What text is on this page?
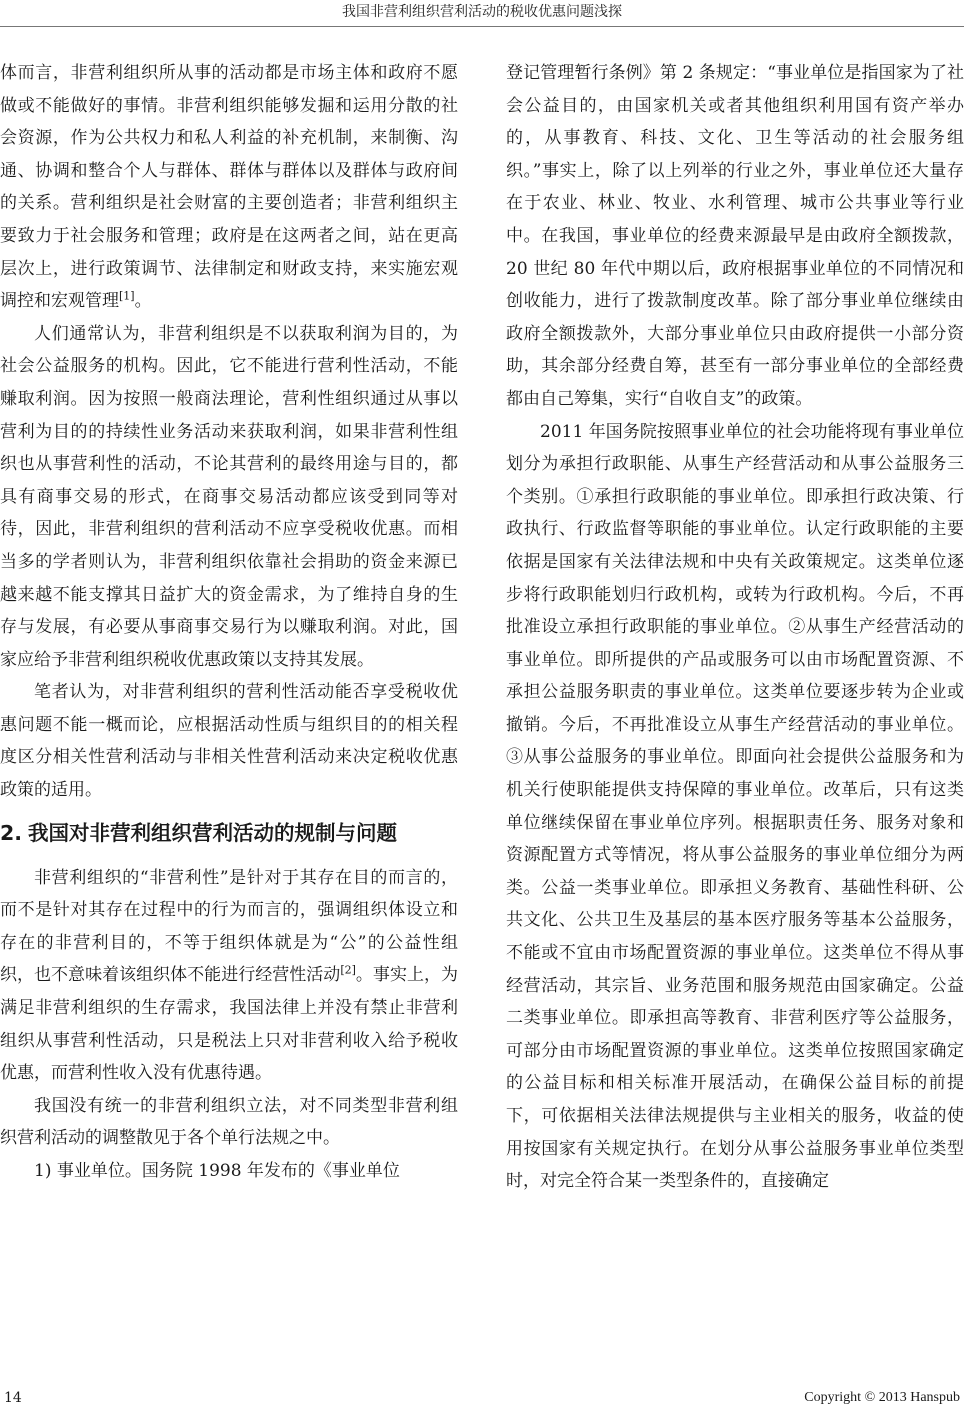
我国非营利组织营利活动的税收优惠问题浅探

体而言，非营利组织所从事的活动都是市场主体和政府不愿做或不能做好的事情。非营利组织能够发掘和运用分散的社会资源，作为公共权力和私人利益的补充机制，来制衡、沟通、协调和整合个人与群体、群体与群体以及群体与政府间的关系。营利组织是社会财富的主要创造者；非营利组织主要致力于社会服务和管理；政府是在这两者之间，站在更高层次上，进行政策调节、法律制定和财政支持，来实施宏观调控和宏观管理[1]。

人们通常认为，非营利组织是不以获取利润为目的，为社会公益服务的机构。因此，它不能进行营利性活动，不能赚取利润。因为按照一般商法理论，营利性组织通过从事以营利为目的的持续性业务活动来获取利润，如果非营利性组织也从事营利性的活动，不论其营利的最终用途与目的，都具有商事交易的形式，在商事交易活动都应该受到同等对待，因此，非营利组织的营利活动不应享受税收优惠。而相当多的学者则认为，非营利组织依靠社会捐助的资金来源已越来越不能支撑其日益扩大的资金需求，为了维持自身的生存与发展，有必要从事商事交易行为以赚取利润。对此，国家应给予非营利组织税收优惠政策以支持其发展。

笔者认为，对非营利组织的营利性活动能否享受税收优惠问题不能一概而论，应根据活动性质与组织目的的相关程度区分相关性营利活动与非相关性营利活动来决定税收优惠政策的适用。

2. 我国对非营利组织营利活动的规制与问题

非营利组织的“非营利性”是针对于其存在目的而言的，而不是针对其存在过程中的行为而言的，强调组织体设立和存在的非营利目的，不等于组织体就是为“公”的公益性组织，也不意味着该组织体不能进行经营性活动[2]。事实上，为满足非营利组织的生存需求，我国法律上并没有禁止非营利组织从事营利性活动，只是税法上只对非营利收入给予税收优惠，而营利性收入没有优惠待遇。

我国没有统一的非营利组织立法，对不同类型非营利组织营利活动的调整散见于各个单行法规之中。

1) 事业单位。国务院 1998 年发布的《事业单位

登记管理暂行条例》第 2 条规定：“事业单位是指国家为了社会公益目的，由国家机关或者其他组织利用国有资产举办的，从事教育、科技、文化、卫生等活动的社会服务组织。”事实上，除了以上列举的行业之外，事业单位还大量存在于农业、林业、牧业、水利管理、城市公共事业等行业中。在我国，事业单位的经费来源最早是由政府全额拨款，20 世纪 80 年代中期以后，政府根据事业单位的不同情况和创收能力，进行了拨款制度改革。除了部分事业单位继续由政府全额拨款外，大部分事业单位只由政府提供一小部分资助，其余部分经费自筹，甚至有一部分事业单位的全部经费都由自己筹集，实行“自收自支”的政策。

2011 年国务院按照事业单位的社会功能将现有事业单位划分为承担行政职能、从事生产经营活动和从事公益服务三个类别。①承担行政职能的事业单位。即承担行政决策、行政执行、行政监督等职能的事业单位。认定行政职能的主要依据是国家有关法律法规和中央有关政策规定。这类单位逐步将行政职能划归行政机构，或转为行政机构。今后，不再批准设立承担行政职能的事业单位。②从事生产经营活动的事业单位。即所提供的产品或服务可以由市场配置资源、不承担公益服务职责的事业单位。这类单位要逐步转为企业或撤销。今后，不再批准设立从事生产经营活动的事业单位。③从事公益服务的事业单位。即面向社会提供公益服务和为机关行使职能提供支持保障的事业单位。改革后，只有这类单位继续保留在事业单位序列。根据职责任务、服务对象和资源配置方式等情况，将从事公益服务的事业单位细分为两类。公益一类事业单位。即承担义务教育、基础性科研、公共文化、公共卫生及基层的基本医疗服务等基本公益服务，不能或不宜由市场配置资源的事业单位。这类单位不得从事经营活动，其宗旨、业务范围和服务规范由国家确定。公益二类事业单位。即承担高等教育、非营利医疗等公益服务，可部分由市场配置资源的事业单位。这类单位按照国家确定的公益目标和相关标准开展活动，在确保公益目标的前提下，可依据相关法律法规提供与主业相关的服务，收益的使用按国家有关规定执行。在划分从事公益服务事业单位类型时，对完全符合某一类型条件的，直接确定

14	Copyright © 2013 Hanspub
